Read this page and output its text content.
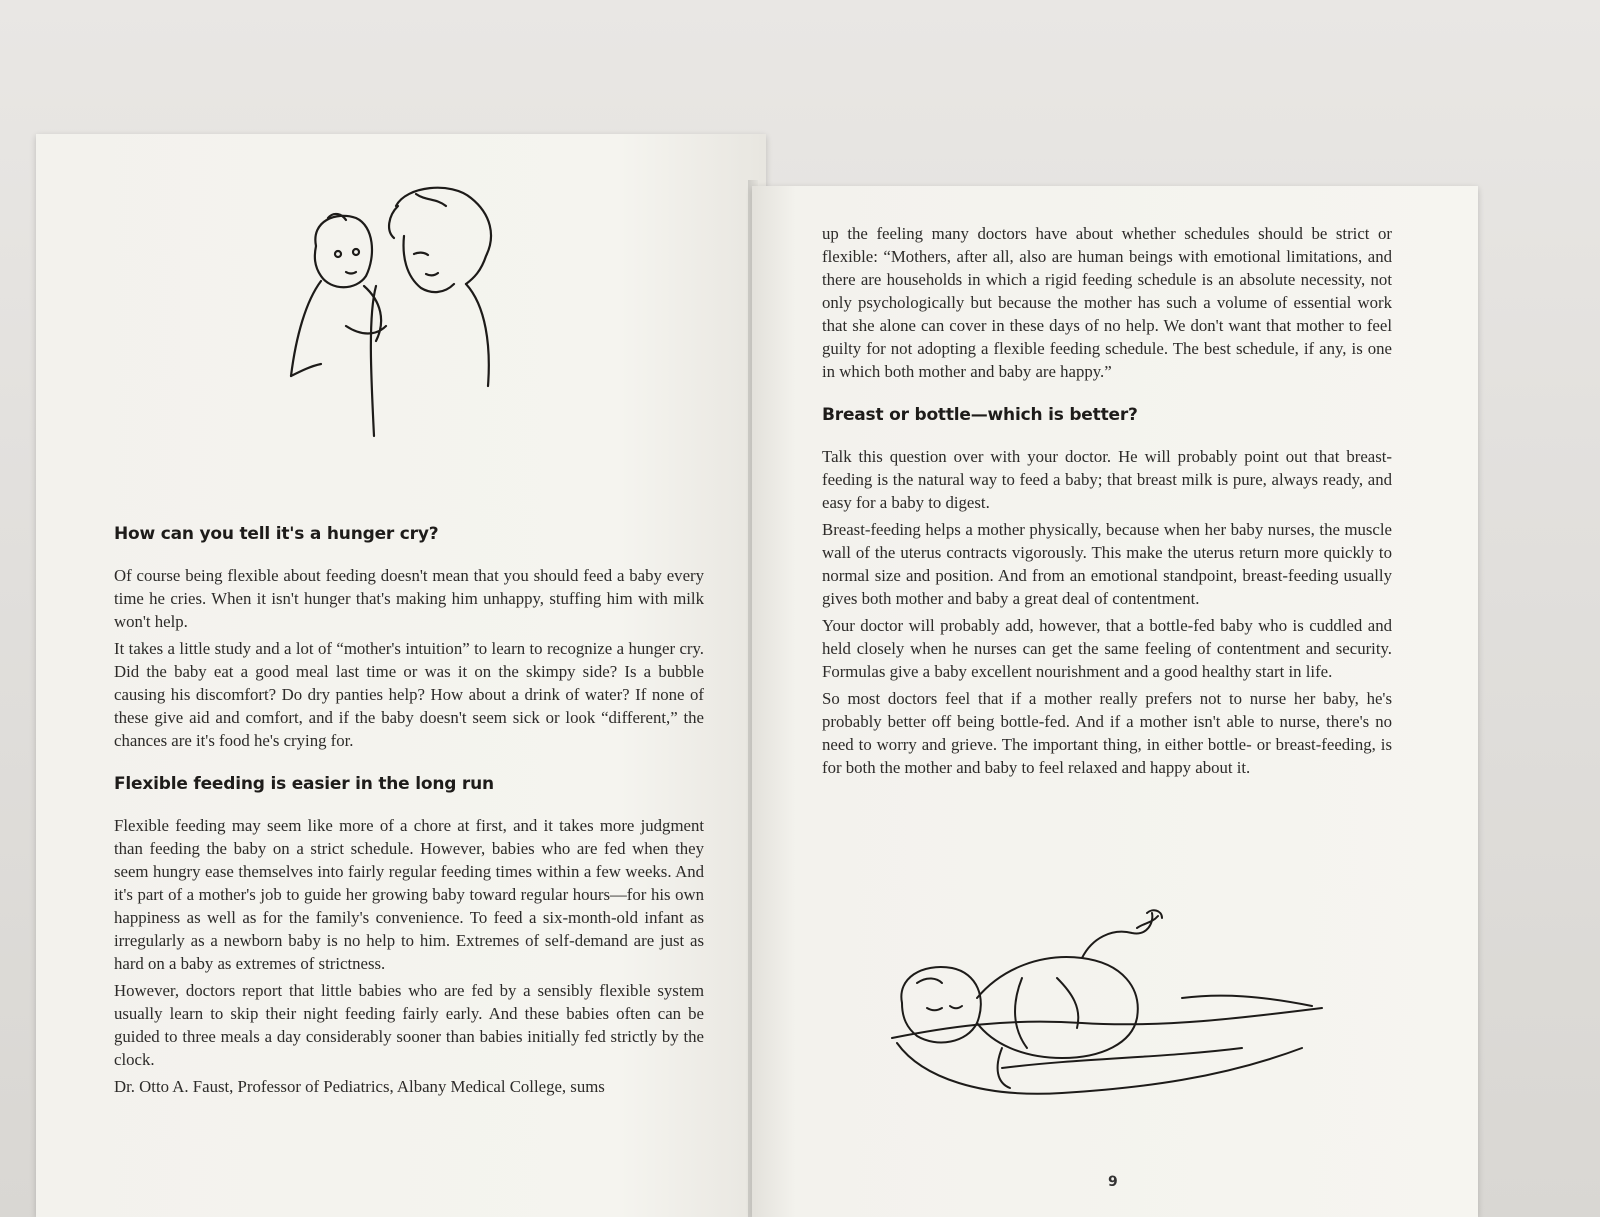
How can you tell it's a hunger cry?

Of course being flexible about feeding doesn't mean that you should feed a baby every time he cries. When it isn't hunger that's making him unhappy, stuffing him with milk won't help.

It takes a little study and a lot of “mother's intuition” to learn to recognize a hunger cry. Did the baby eat a good meal last time or was it on the skimpy side? Is a bubble causing his discomfort? Do dry panties help? How about a drink of water? If none of these give aid and comfort, and if the baby doesn't seem sick or look “different,” the chances are it's food he's crying for.

Flexible feeding is easier in the long run

Flexible feeding may seem like more of a chore at first, and it takes more judgment than feeding the baby on a strict schedule. However, babies who are fed when they seem hungry ease themselves into fairly regular feeding times within a few weeks. And it's part of a mother's job to guide her growing baby toward regular hours—for his own happiness as well as for the family's convenience. To feed a six-month-old infant as irregularly as a newborn baby is no help to him. Extremes of self-demand are just as hard on a baby as extremes of strictness.

However, doctors report that little babies who are fed by a sensibly flexible system usually learn to skip their night feeding fairly early. And these babies often can be guided to three meals a day considerably sooner than babies initially fed strictly by the clock.

Dr. Otto A. Faust, Professor of Pediatrics, Albany Medical College, sums

up the feeling many doctors have about whether schedules should be strict or flexible: “Mothers, after all, also are human beings with emotional limitations, and there are households in which a rigid feeding schedule is an absolute necessity, not only psychologically but because the mother has such a volume of essential work that she alone can cover in these days of no help. We don't want that mother to feel guilty for not adopting a flexible feeding schedule. The best schedule, if any, is one in which both mother and baby are happy.”

Breast or bottle—which is better?

Talk this question over with your doctor. He will probably point out that breast-feeding is the natural way to feed a baby; that breast milk is pure, always ready, and easy for a baby to digest.

Breast-feeding helps a mother physically, because when her baby nurses, the muscle wall of the uterus contracts vigorously. This make the uterus return more quickly to normal size and position. And from an emotional standpoint, breast-feeding usually gives both mother and baby a great deal of contentment.

Your doctor will probably add, however, that a bottle-fed baby who is cuddled and held closely when he nurses can get the same feeling of contentment and security. Formulas give a baby excellent nourishment and a good healthy start in life.

So most doctors feel that if a mother really prefers not to nurse her baby, he's probably better off being bottle-fed. And if a mother isn't able to nurse, there's no need to worry and grieve. The important thing, in either bottle- or breast-feeding, is for both the mother and baby to feel relaxed and happy about it.

9
